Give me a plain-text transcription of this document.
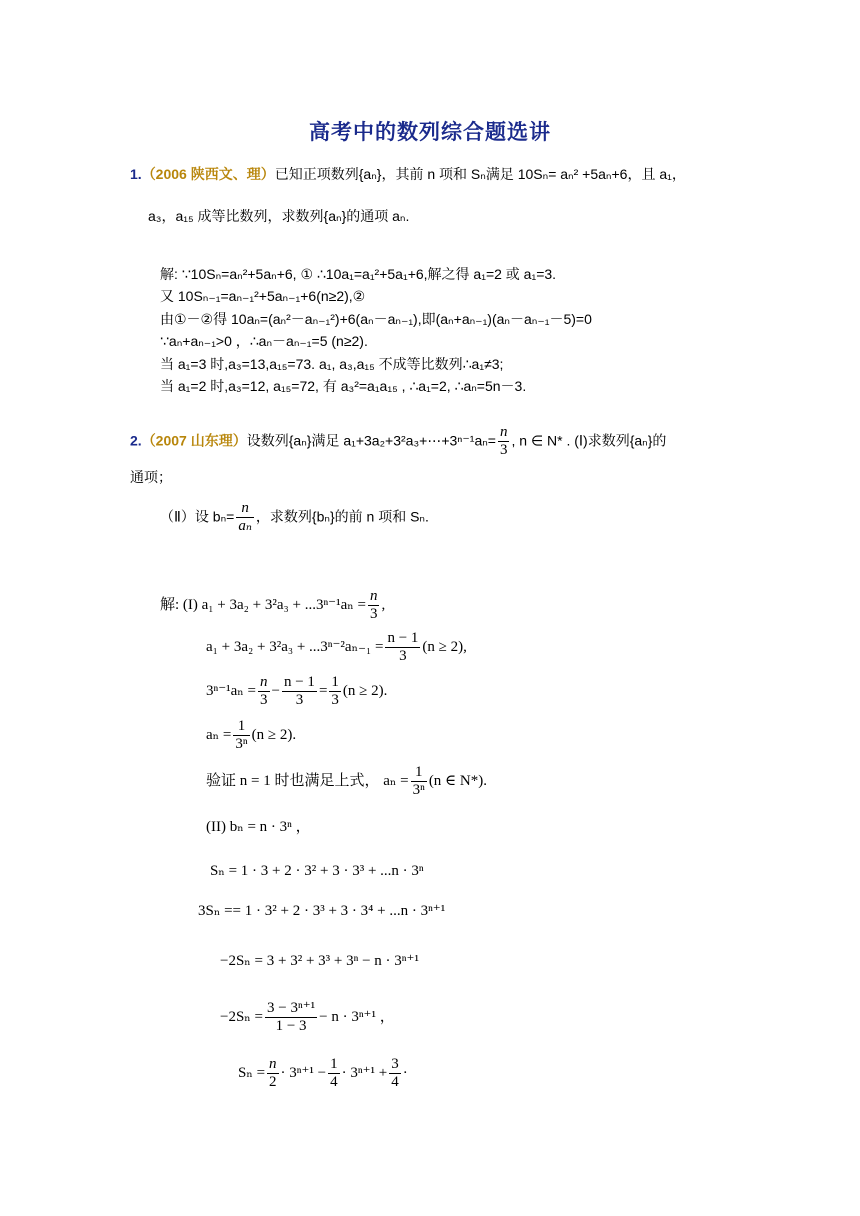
高考中的数列综合题选讲
1.（2006 陕西文、理）已知正项数列{aₙ}，其前 n 项和 Sₙ满足 10Sₙ= aₙ² +5aₙ+6，且 a₁，
a₃，a₁₅ 成等比数列，求数列{aₙ}的通项 aₙ.
解: ∵10Sₙ=aₙ²+5aₙ+6, ① ∴10a₁=a₁²+5a₁+6,解之得 a₁=2 或 a₁=3.
又 10Sₙ₋₁=aₙ₋₁²+5aₙ₋₁+6(n≥2),②
由①－②得 10aₙ=(aₙ²－aₙ₋₁²)+6(aₙ－aₙ₋₁),即(aₙ+aₙ₋₁)(aₙ－aₙ₋₁－5)=0
∵aₙ+aₙ₋₁>0 ，∴aₙ－aₙ₋₁=5 (n≥2).
当 a₁=3 时,a₃=13,a₁₅=73. a₁, a₃,a₁₅ 不成等比数列∴a₁≠3;
当 a₁=2 时,a₃=12, a₁₅=72, 有 a₃²=a₁a₁₅ , ∴a₁=2, ∴aₙ=5n－3.
2.（2007 山东理）设数列{aₙ}满足 a₁+3a₂+3²a₃+⋯+3ⁿ⁻¹aₙ= $\frac{n}{3}$ , n ∈ N* . (Ⅰ)求数列{aₙ}的
通项；
（Ⅱ）设 $b_n= \frac{n}{\text{aₙ}}$ ，求数列{bₙ}的前 n 项和 Sₙ.
解: (I) $a_1 + 3a_2 + 3^2a_3 + ...3^{n-1}a_n = \frac{n}{3}$ ,
$a_1 + 3a_2 + 3^2a_3 + ...3^{n-2}a_{n-1} = \frac{n - 1}{3} (n \ge 2)$,
$3^{n-1}a_n = \frac{n}{3} - \frac{n - 1}{3} = \frac{1}{3} (n \ge 2)$.
$a_n = \frac{1}{\text{3ⁿ}} (n \ge 2)$.
验证 n = 1 时也满足上式， $a_n = \frac{1}{\text{3ⁿ}} (n$ ∈ N*).
(II) bₙ = n · 3ⁿ ，
Sₙ = 1 · 3 + 2 · 3² + 3 · 3³ + ...n · 3ⁿ
3Sₙ == 1 · 3² + 2 · 3³ + 3 · 3⁴ + ...n · 3ⁿ⁺¹
−2Sₙ = 3 + 3² + 3³ + 3ⁿ − n · 3ⁿ⁺¹
$-2S_n = \frac{\text{3 − 3ⁿ⁺¹}}{1 - 3} - n \cdot 3^{n+1}$ ，
$S_n = \frac{n}{2} \cdot 3^{n+1} - \frac{1}{4} \cdot 3^{n+1} + \frac{3}{4}$ ·
